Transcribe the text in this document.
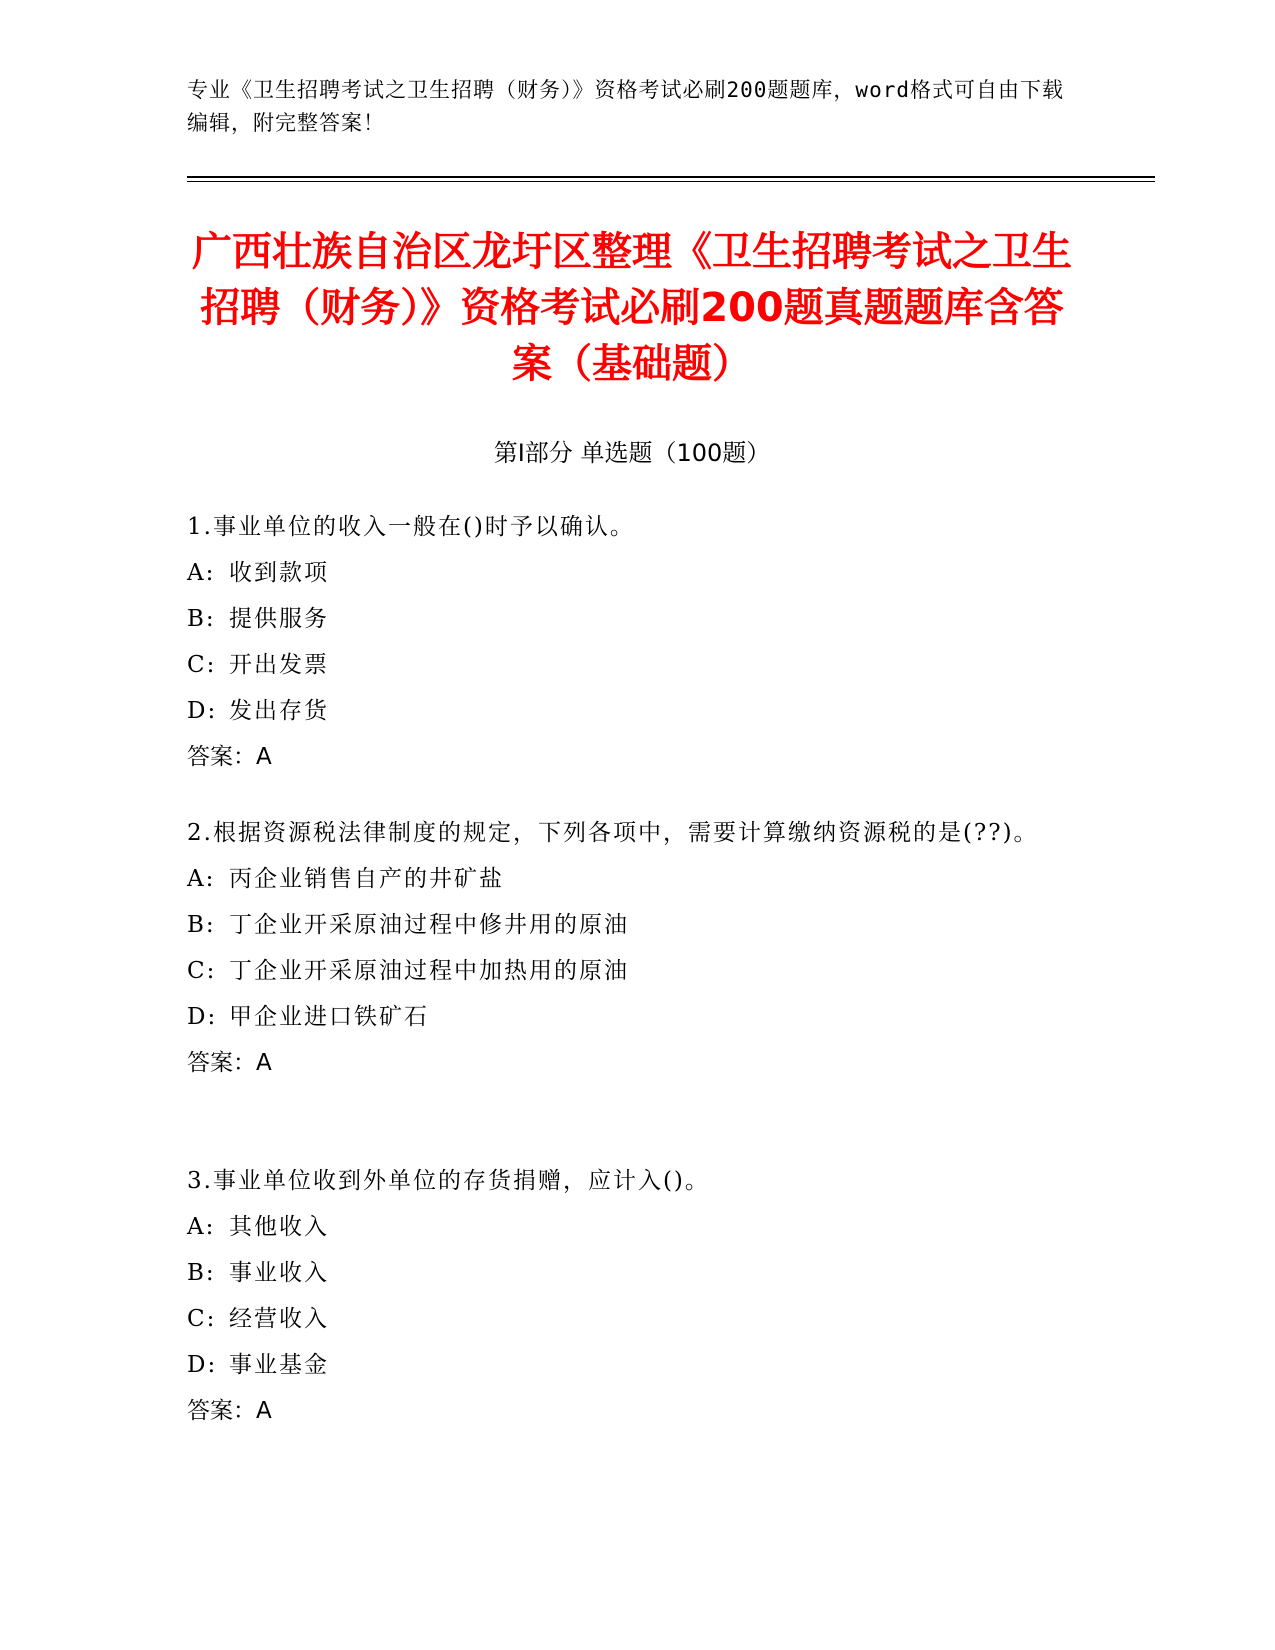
专业《卫生招聘考试之卫生招聘（财务）》资格考试必刷200题题库，word格式可自由下载编辑，附完整答案！
广西壮族自治区龙圩区整理《卫生招聘考试之卫生招聘（财务）》资格考试必刷200题真题题库含答案（基础题）
第Ⅰ部分 单选题（100题）

1.事业单位的收入一般在()时予以确认。

A: 收到款项

B: 提供服务

C: 开出发票

D: 发出存货

答案：A

2.根据资源税法律制度的规定，下列各项中，需要计算缴纳资源税的是(??)。

A: 丙企业销售自产的井矿盐

B: 丁企业开采原油过程中修井用的原油

C: 丁企业开采原油过程中加热用的原油

D: 甲企业进口铁矿石

答案：A

3.事业单位收到外单位的存货捐赠，应计入()。

A: 其他收入

B: 事业收入

C: 经营收入

D: 事业基金

答案：A
